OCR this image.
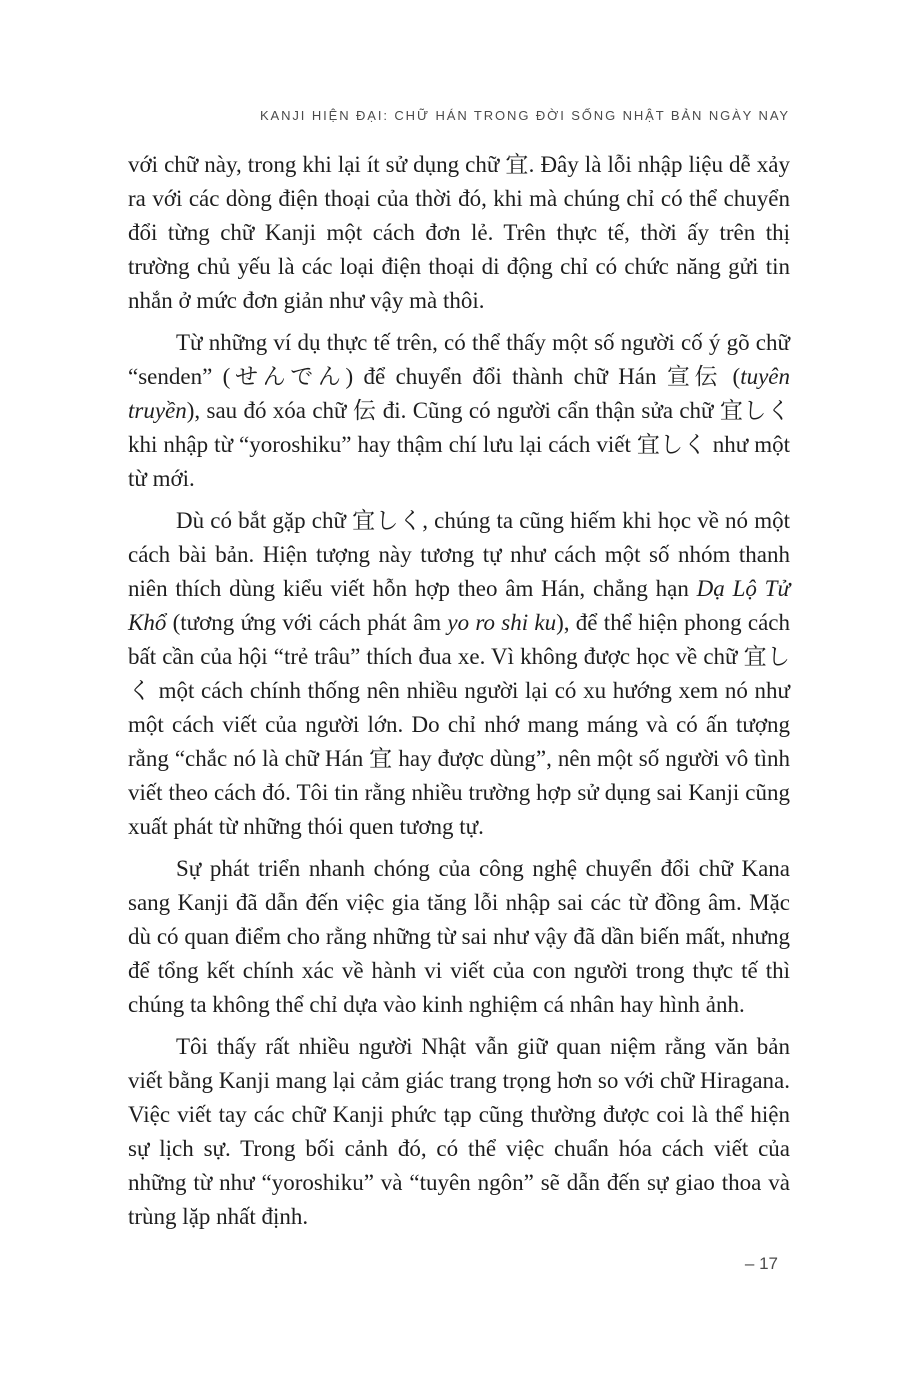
KANJI HIỆN ĐẠI: CHỮ HÁN TRONG ĐỜI SỐNG NHẬT BẢN NGÀY NAY

với chữ này, trong khi lại ít sử dụng chữ 宜. Đây là lỗi nhập liệu dễ xảy ra với các dòng điện thoại của thời đó, khi mà chúng chỉ có thể chuyển đổi từng chữ Kanji một cách đơn lẻ. Trên thực tế, thời ấy trên thị trường chủ yếu là các loại điện thoại di động chỉ có chức năng gửi tin nhắn ở mức đơn giản như vậy mà thôi.

Từ những ví dụ thực tế trên, có thể thấy một số người cố ý gõ chữ “senden” (せんでん) để chuyển đổi thành chữ Hán 宣伝 (tuyên truyền), sau đó xóa chữ 伝 đi. Cũng có người cẩn thận sửa chữ 宜しく khi nhập từ “yoroshiku” hay thậm chí lưu lại cách viết 宜しく như một từ mới.

Dù có bắt gặp chữ 宜しく, chúng ta cũng hiếm khi học về nó một cách bài bản. Hiện tượng này tương tự như cách một số nhóm thanh niên thích dùng kiểu viết hỗn hợp theo âm Hán, chẳng hạn Dạ Lộ Tử Khổ (tương ứng với cách phát âm yo ro shi ku), để thể hiện phong cách bất cần của hội “trẻ trâu” thích đua xe. Vì không được học về chữ 宜しく một cách chính thống nên nhiều người lại có xu hướng xem nó như một cách viết của người lớn. Do chỉ nhớ mang máng và có ấn tượng rằng “chắc nó là chữ Hán 宜 hay được dùng”, nên một số người vô tình viết theo cách đó. Tôi tin rằng nhiều trường hợp sử dụng sai Kanji cũng xuất phát từ những thói quen tương tự.

Sự phát triển nhanh chóng của công nghệ chuyển đổi chữ Kana sang Kanji đã dẫn đến việc gia tăng lỗi nhập sai các từ đồng âm. Mặc dù có quan điểm cho rằng những từ sai như vậy đã dần biến mất, nhưng để tổng kết chính xác về hành vi viết của con người trong thực tế thì chúng ta không thể chỉ dựa vào kinh nghiệm cá nhân hay hình ảnh.

Tôi thấy rất nhiều người Nhật vẫn giữ quan niệm rằng văn bản viết bằng Kanji mang lại cảm giác trang trọng hơn so với chữ Hiragana. Việc viết tay các chữ Kanji phức tạp cũng thường được coi là thể hiện sự lịch sự. Trong bối cảnh đó, có thể việc chuẩn hóa cách viết của những từ như “yoroshiku” và “tuyên ngôn” sẽ dẫn đến sự giao thoa và trùng lặp nhất định.

– 17
